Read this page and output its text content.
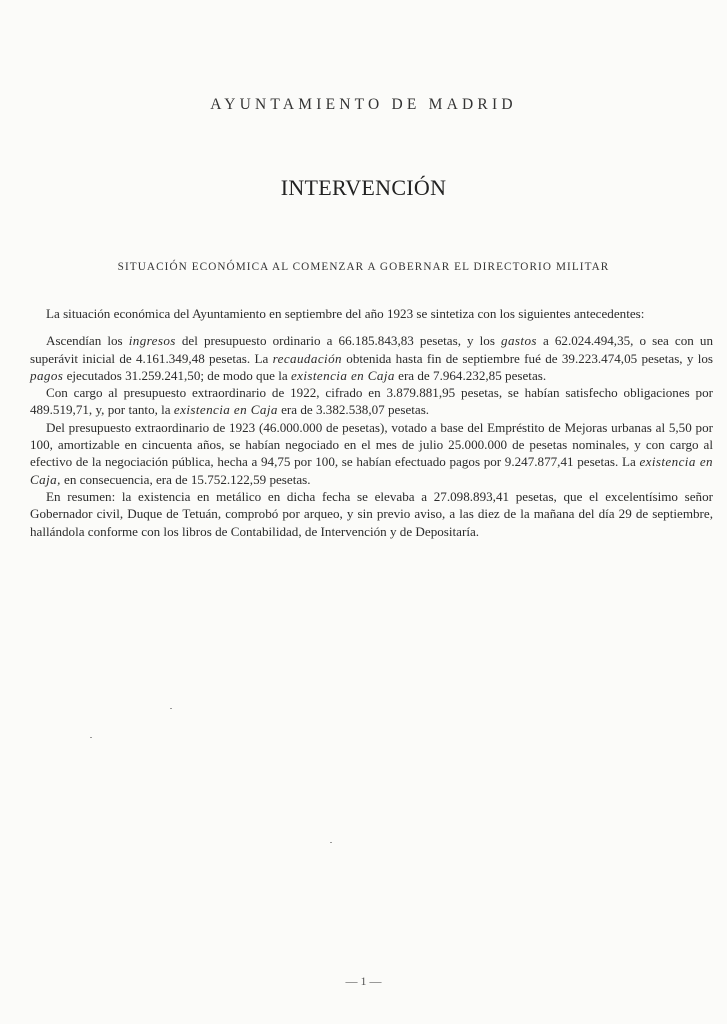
AYUNTAMIENTO DE MADRID
INTERVENCIÓN
SITUACIÓN ECONÓMICA AL COMENZAR A GOBERNAR EL DIRECTORIO MILITAR

La situación económica del Ayuntamiento en septiembre del año 1923 se sintetiza con los siguientes antecedentes:

Ascendían los ingresos del presupuesto ordinario a 66.185.843,83 pesetas, y los gastos a 62.024.494,35, o sea con un superávit inicial de 4.161.349,48 pesetas. La recaudación obtenida hasta fin de septiembre fué de 39.223.474,05 pesetas, y los pagos ejecutados 31.259.241,50; de modo que la existencia en Caja era de 7.964.232,85 pesetas.

Con cargo al presupuesto extraordinario de 1922, cifrado en 3.879.881,95 pesetas, se habían satisfecho obligaciones por 489.519,71, y, por tanto, la existencia en Caja era de 3.382.538,07 pesetas.

Del presupuesto extraordinario de 1923 (46.000.000 de pesetas), votado a base del Empréstito de Mejoras urbanas al 5,50 por 100, amortizable en cincuenta años, se habían negociado en el mes de julio 25.000.000 de pesetas nominales, y con cargo al efectivo de la negociación pública, hecha a 94,75 por 100, se habían efectuado pagos por 9.247.877,41 pesetas. La existencia en Caja, en consecuencia, era de 15.752.122,59 pesetas.

En resumen: la existencia en metálico en dicha fecha se elevaba a 27.098.893,41 pesetas, que el excelentísimo señor Gobernador civil, Duque de Tetuán, comprobó por arqueo, y sin previo aviso, a las diez de la mañana del día 29 de septiembre, hallándola conforme con los libros de Contabilidad, de Intervención y de Depositaría.

— 1 —
